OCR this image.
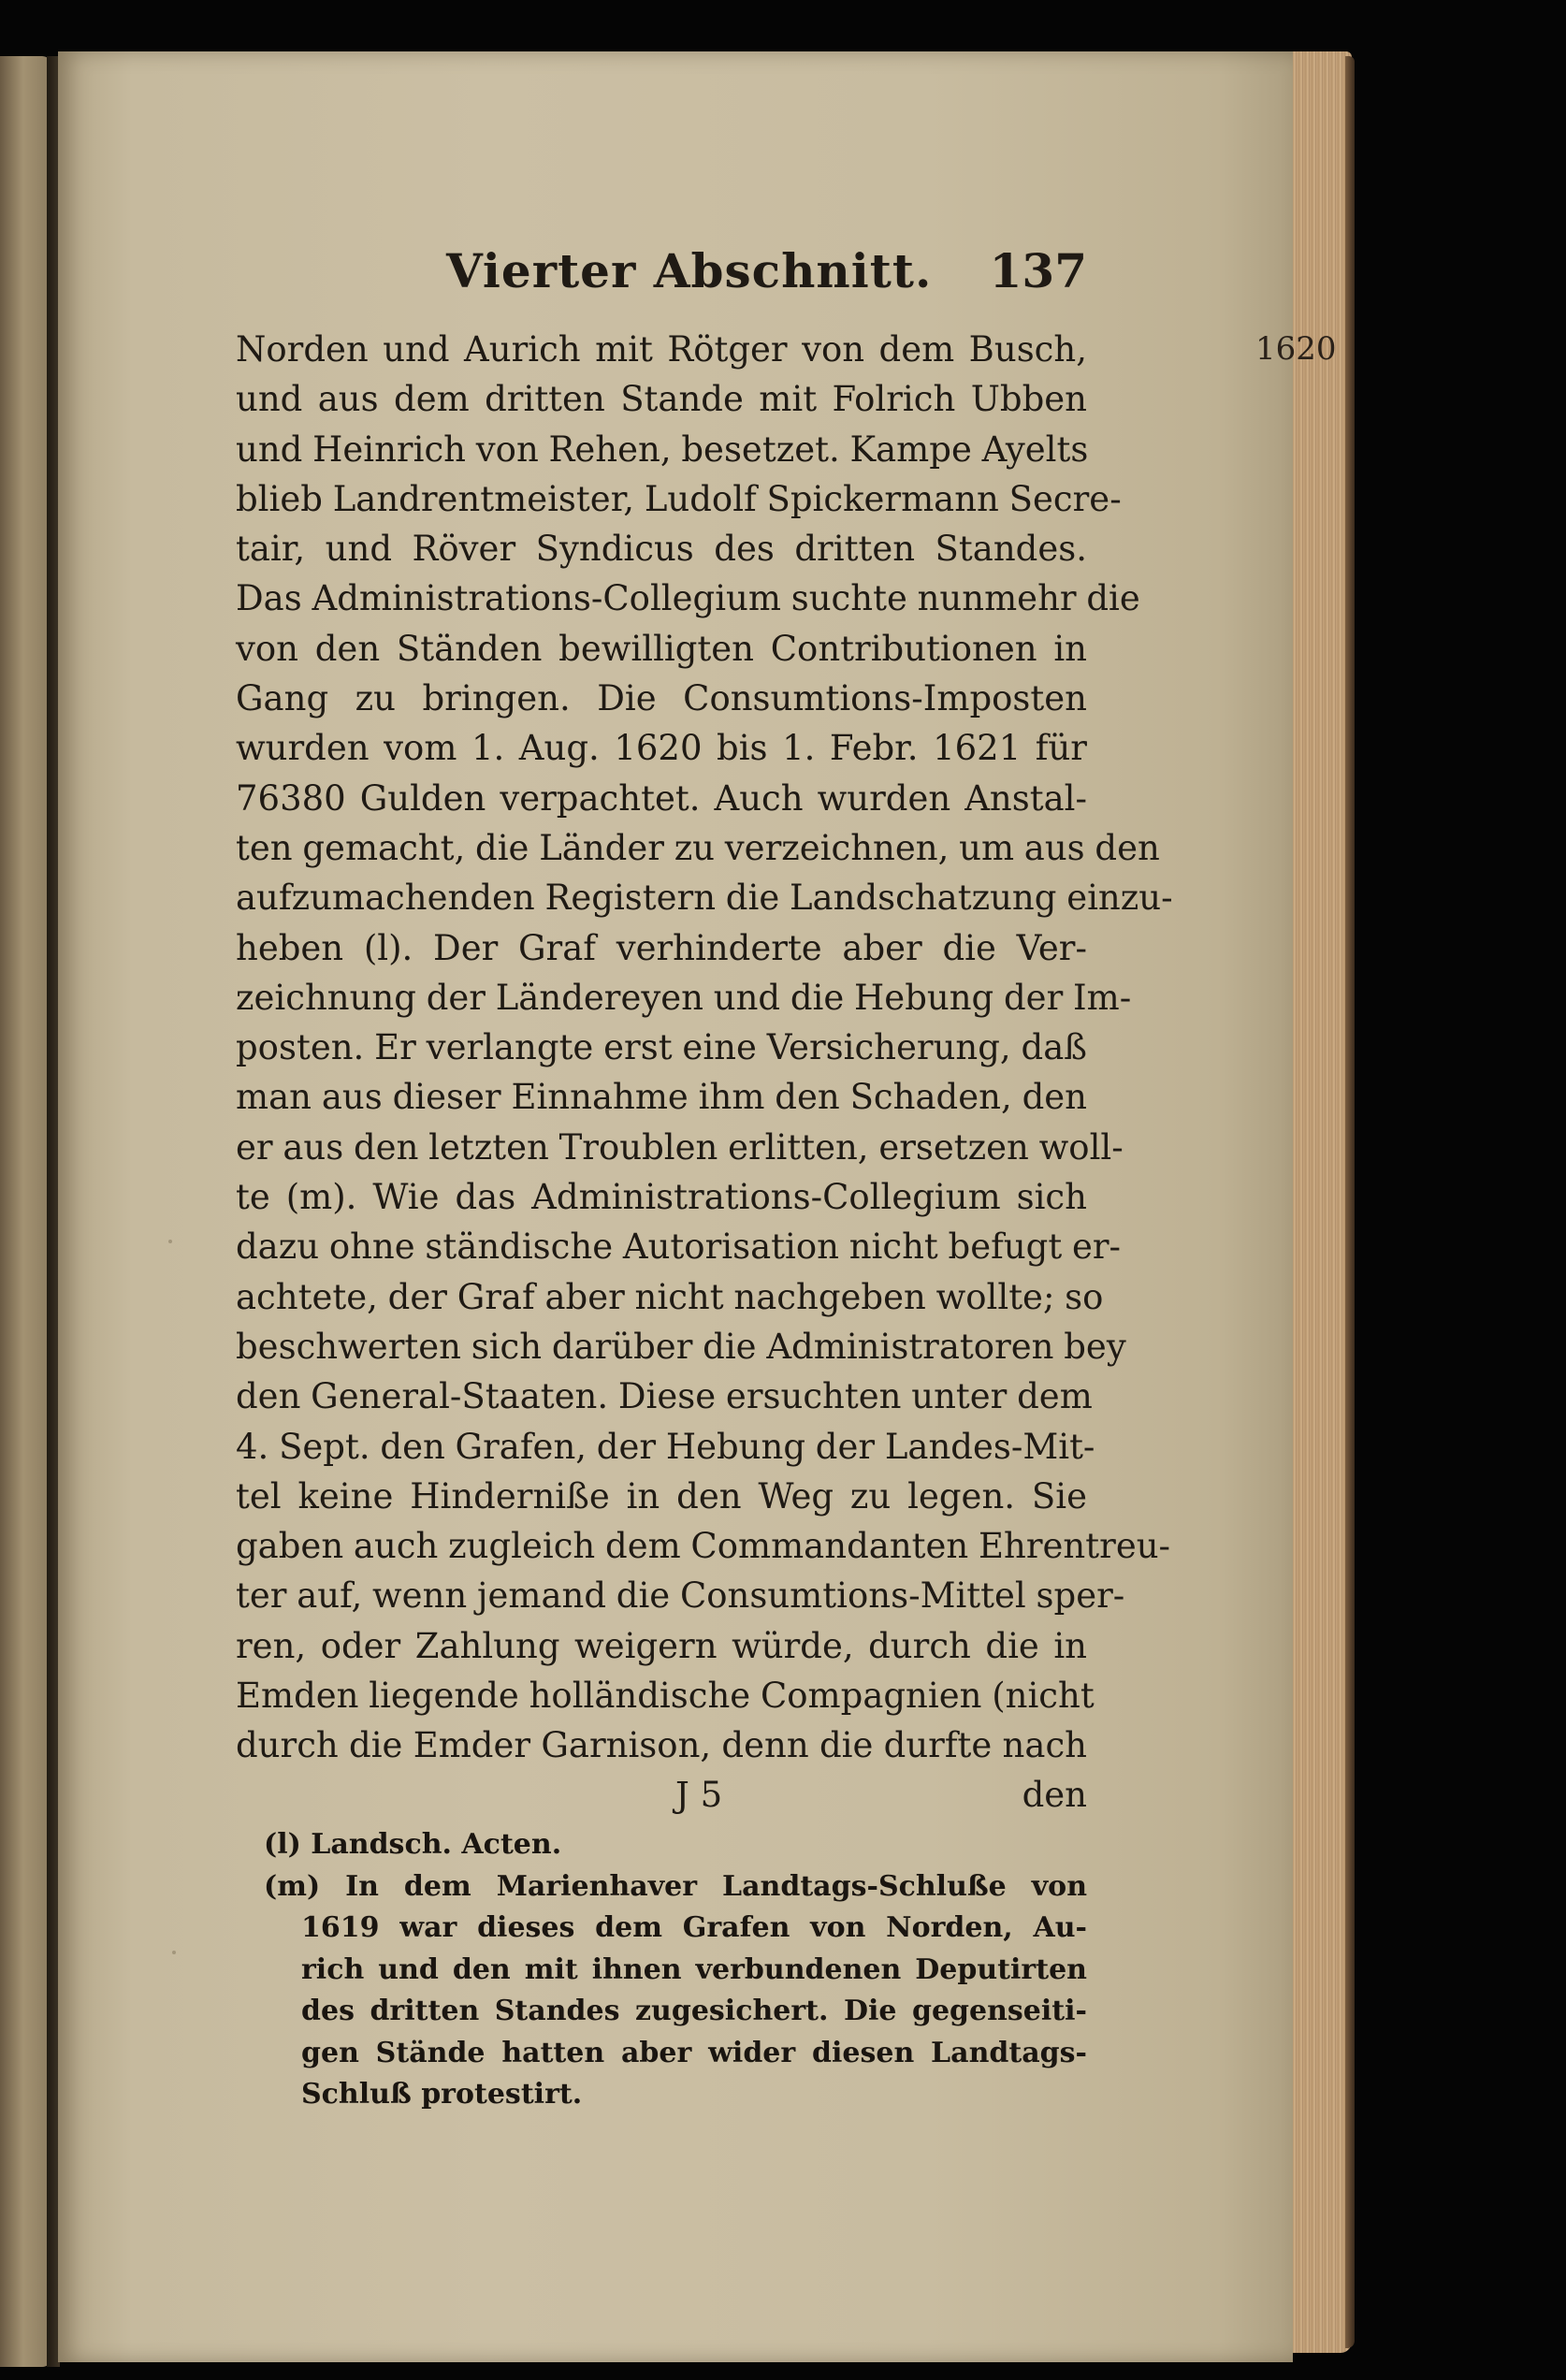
Vierter Abschnitt. 137
Norden und Aurich mit Rötger von dem Busch,
und aus dem dritten Stande mit Folrich Ubben
und Heinrich von Rehen, besetzet. Kampe Ayelts
blieb Landrentmeister, Ludolf Spickermann Secre-
tair, und Röver Syndicus des dritten Standes.
Das Administrations-Collegium suchte nunmehr die
von den Ständen bewilligten Contributionen in
Gang zu bringen. Die Consumtions-Imposten
wurden vom 1. Aug. 1620 bis 1. Febr. 1621 für
76380 Gulden verpachtet. Auch wurden Anstal-
ten gemacht, die Länder zu verzeichnen, um aus den
aufzumachenden Registern die Landschatzung einzu-
heben (l). Der Graf verhinderte aber die Ver-
zeichnung der Ländereyen und die Hebung der Im-
posten. Er verlangte erst eine Versicherung, daß
man aus dieser Einnahme ihm den Schaden, den
er aus den letzten Troublen erlitten, ersetzen woll-
te (m). Wie das Administrations-Collegium sich
dazu ohne ständische Autorisation nicht befugt er-
achtete, der Graf aber nicht nachgeben wollte; so
beschwerten sich darüber die Administratoren bey
den General-Staaten. Diese ersuchten unter dem
4. Sept. den Grafen, der Hebung der Landes-Mit-
tel keine Hinderniße in den Weg zu legen. Sie
gaben auch zugleich dem Commandanten Ehrentreu-
ter auf, wenn jemand die Consumtions-Mittel sper-
ren, oder Zahlung weigern würde, durch die in
Emden liegende holländische Compagnien (nicht
durch die Emder Garnison, denn die durfte nach
1620
J 5	den
(l) Landsch. Acten.
(m) In dem Marienhaver Landtags-Schluße von
1619 war dieses dem Grafen von Norden, Au-
rich und den mit ihnen verbundenen Deputirten
des dritten Standes zugesichert. Die gegenseiti-
gen Stände hatten aber wider diesen Landtags-
Schluß protestirt.
